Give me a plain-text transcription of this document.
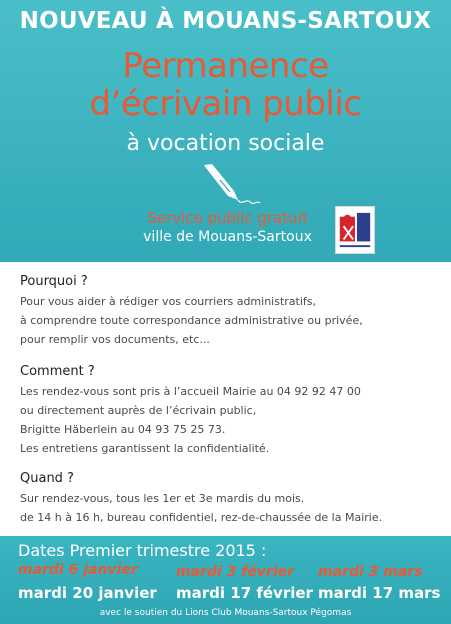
NOUVEAU À MOUANS-SARTOUX
Permanence
d’écrivain public
à vocation sociale
Service public gratuit
ville de Mouans-Sartoux
Pourquoi ?

Pour vous aider à rédiger vos courriers administratifs,

à comprendre toute correspondance administrative ou privée,

pour remplir vos documents, etc...

Comment ?

Les rendez-vous sont pris à l’accueil Mairie au 04 92 92 47 00

ou directement auprès de l’écrivain public,

Brigitte Häberlein au 04 93 75 25 73.

Les entretiens garantissent la confidentialité.

Quand ?

Sur rendez-vous, tous les 1er et 3e mardis du mois.

de 14 h à 16 h, bureau confidentiel, rez-de-chaussée de la Mairie.

Dates Premier trimestre 2015 :
mardi 6 janvier	mardi 3 février mardi 3 mars
mardi 20 janvier mardi 17 février mardi 17 mars
avec le soutien du Lions Club Mouans-Sartoux Pégomas
